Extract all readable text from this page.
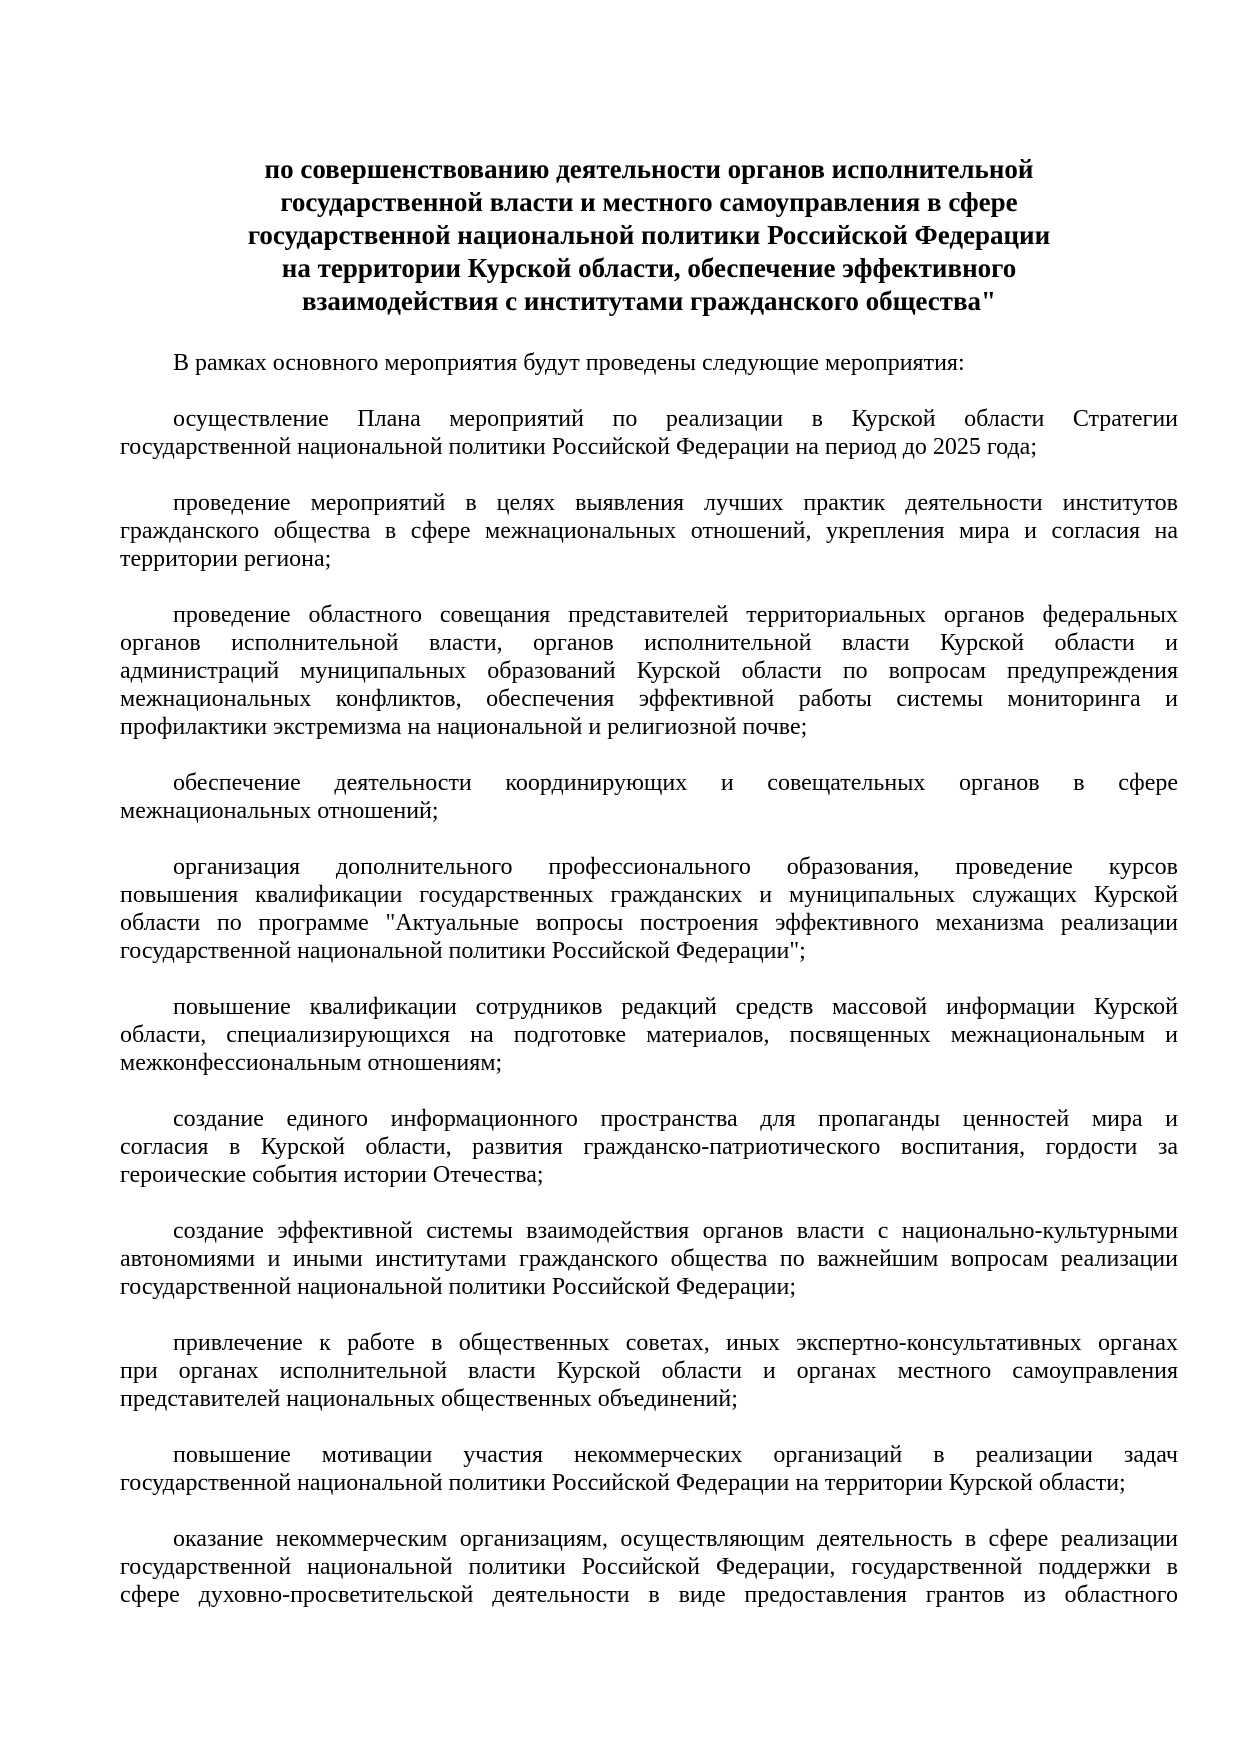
по совершенствованию деятельности органов исполнительной
государственной власти и местного самоуправления в сфере
государственной национальной политики Российской Федерации
на территории Курской области, обеспечение эффективного
взаимодействия с институтами гражданского общества"

В рамках основного мероприятия будут проведены следующие мероприятия:

осуществление Плана мероприятий по реализации в Курской области Стратегии
государственной национальной политики Российской Федерации на период до 2025 года;

проведение мероприятий в целях выявления лучших практик деятельности институтов
гражданского общества в сфере межнациональных отношений, укрепления мира и согласия на
территории региона;

проведение областного совещания представителей территориальных органов федеральных
органов исполнительной власти, органов исполнительной власти Курской области и
администраций муниципальных образований Курской области по вопросам предупреждения
межнациональных конфликтов, обеспечения эффективной работы системы мониторинга и
профилактики экстремизма на национальной и религиозной почве;

обеспечение деятельности координирующих и совещательных органов в сфере
межнациональных отношений;

организация дополнительного профессионального образования, проведение курсов
повышения квалификации государственных гражданских и муниципальных служащих Курской
области по программе "Актуальные вопросы построения эффективного механизма реализации
государственной национальной политики Российской Федерации";

повышение квалификации сотрудников редакций средств массовой информации Курской
области, специализирующихся на подготовке материалов, посвященных межнациональным и
межконфессиональным отношениям;

создание единого информационного пространства для пропаганды ценностей мира и
согласия в Курской области, развития гражданско-патриотического воспитания, гордости за
героические события истории Отечества;

создание эффективной системы взаимодействия органов власти с национально-культурными
автономиями и иными институтами гражданского общества по важнейшим вопросам реализации
государственной национальной политики Российской Федерации;

привлечение к работе в общественных советах, иных экспертно-консультативных органах
при органах исполнительной власти Курской области и органах местного самоуправления
представителей национальных общественных объединений;

повышение мотивации участия некоммерческих организаций в реализации задач
государственной национальной политики Российской Федерации на территории Курской области;

оказание некоммерческим организациям, осуществляющим деятельность в сфере реализации
государственной национальной политики Российской Федерации, государственной поддержки в
сфере духовно-просветительской деятельности в виде предоставления грантов из областного
